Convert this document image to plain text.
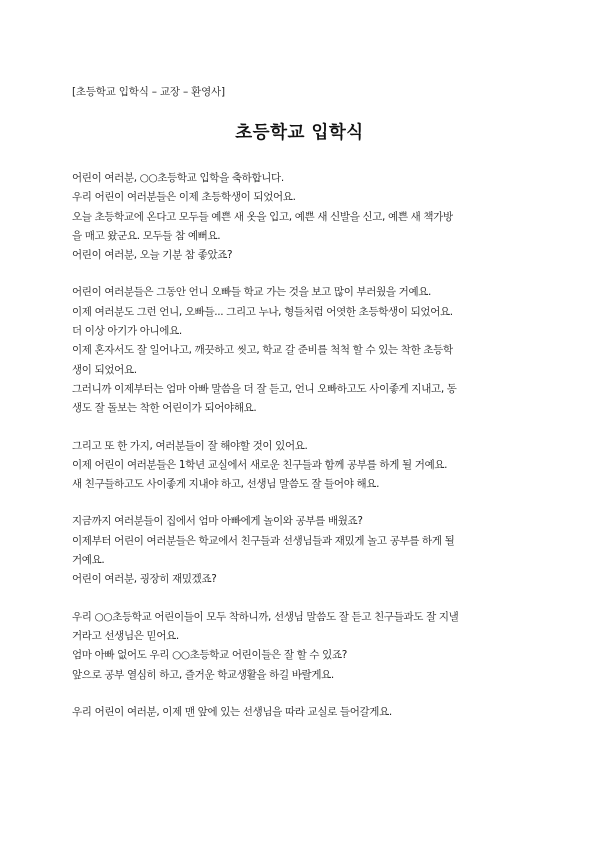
[초등학교 입학식 – 교장 – 환영사]
초등학교 입학식

어린이 여러분, ○○초등학교 입학을 축하합니다.
우리 어린이 여러분들은 이제 초등학생이 되었어요.
오늘 초등학교에 온다고 모두들 예쁜 새 옷을 입고, 예쁜 새 신발을 신고, 예쁜 새 책가방
을 매고 왔군요. 모두들 참 예뻐요.
어린이 여러분, 오늘 기분 참 좋았죠?

어린이 여러분들은 그동안 언니 오빠들 학교 가는 것을 보고 많이 부러웠을 거예요.
이제 여러분도 그런 언니, 오빠들... 그리고 누나, 형들처럼 어엿한 초등학생이 되었어요.
더 이상 아기가 아니에요.
이제 혼자서도 잘 일어나고, 깨끗하고 씻고, 학교 갈 준비를 척척 할 수 있는 착한 초등학
생이 되었어요.
그러니까 이제부터는 엄마 아빠 말씀을 더 잘 듣고, 언니 오빠하고도 사이좋게 지내고, 동
생도 잘 돌보는 착한 어린이가 되어야해요.

그리고 또 한 가지, 여러분들이 잘 해야할 것이 있어요.
이제 어린이 여러분들은 1학년 교실에서 새로운 친구들과 함께 공부를 하게 될 거예요.
새 친구들하고도 사이좋게 지내야 하고, 선생님 말씀도 잘 들어야 해요.

지금까지 여러분들이 집에서 엄마 아빠에게 놀이와 공부를 배웠죠?
이제부터 어린이 여러분들은 학교에서 친구들과 선생님들과 재밌게 놀고 공부를 하게 될
거예요.
어린이 여러분, 굉장히 재밌겠죠?

우리 ○○초등학교 어린이들이 모두 착하니까, 선생님 말씀도 잘 듣고 친구들과도 잘 지낼
거라고 선생님은 믿어요.
엄마 아빠 없어도 우리 ○○초등학교 어린이들은 잘 할 수 있죠?
앞으로 공부 열심히 하고, 즐거운 학교생활을 하길 바랄게요.

우리 어린이 여러분, 이제 맨 앞에 있는 선생님을 따라 교실로 들어갈게요.
